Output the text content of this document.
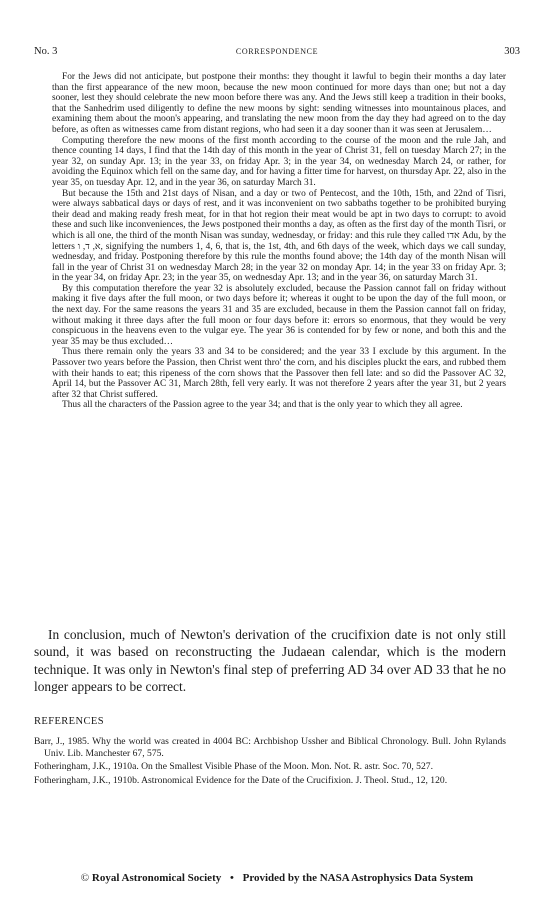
No. 3	CORRESPONDENCE	303

For the Jews did not anticipate, but postpone their months: they thought it lawful to begin their months a day later than the first appearance of the new moon, because the new moon continued for more days than one; but not a day sooner, lest they should celebrate the new moon before there was any. And the Jews still keep a tradition in their books, that the Sanhedrim used diligently to define the new moons by sight: sending witnesses into mountainous places, and examining them about the moon's appearing, and translating the new moon from the day they had agreed on to the day before, as often as witnesses came from distant regions, who had seen it a day sooner than it was seen at Jerusalem…

Computing therefore the new moons of the first month according to the course of the moon and the rule Jah, and thence counting 14 days, I find that the 14th day of this month in the year of Christ 31, fell on tuesday March 27; in the year 32, on sunday Apr. 13; in the year 33, on friday Apr. 3; in the year 34, on wednesday March 24, or rather, for avoiding the Equinox which fell on the same day, and for having a fitter time for harvest, on thursday Apr. 22, also in the year 35, on tuesday Apr. 12, and in the year 36, on saturday March 31.

But because the 15th and 21st days of Nisan, and a day or two of Pentecost, and the 10th, 15th, and 22nd of Tisri, were always sabbatical days or days of rest, and it was inconvenient on two sabbaths together to be prohibited burying their dead and making ready fresh meat, for in that hot region their meat would be apt in two days to corrupt: to avoid these and such like inconveniences, the Jews postponed their months a day, as often as the first day of the month Tisri, or which is all one, the third of the month Nisan was sunday, wednesday, or friday: and this rule they called אדו Adu, by the letters א, ד, ו, signifying the numbers 1, 4, 6, that is, the 1st, 4th, and 6th days of the week, which days we call sunday, wednesday, and friday. Postponing therefore by this rule the months found above; the 14th day of the month Nisan will fall in the year of Christ 31 on wednesday March 28; in the year 32 on monday Apr. 14; in the year 33 on friday Apr. 3; in the year 34, on friday Apr. 23; in the year 35, on wednesday Apr. 13; and in the year 36, on saturday March 31.

By this computation therefore the year 32 is absolutely excluded, because the Passion cannot fall on friday without making it five days after the full moon, or two days before it; whereas it ought to be upon the day of the full moon, or the next day. For the same reasons the years 31 and 35 are excluded, because in them the Passion cannot fall on friday, without making it three days after the full moon or four days before it: errors so enormous, that they would be very conspicuous in the heavens even to the vulgar eye. The year 36 is contended for by few or none, and both this and the year 35 may be thus excluded…

Thus there remain only the years 33 and 34 to be considered; and the year 33 I exclude by this argument. In the Passover two years before the Passion, then Christ went thro' the corn, and his disciples pluckt the ears, and rubbed them with their hands to eat; this ripeness of the corn shows that the Passover then fell late: and so did the Passover AC 32, April 14, but the Passover AC 31, March 28th, fell very early. It was not therefore 2 years after the year 31, but 2 years after 32 that Christ suffered.

Thus all the characters of the Passion agree to the year 34; and that is the only year to which they all agree.

In conclusion, much of Newton's derivation of the crucifixion date is not only still sound, it was based on reconstructing the Judaean calendar, which is the modern technique. It was only in Newton's final step of preferring AD 34 over AD 33 that he no longer appears to be correct.

REFERENCES

Barr, J., 1985. Why the world was created in 4004 BC: Archbishop Ussher and Biblical Chronology. Bull. John Rylands Univ. Lib. Manchester 67, 575.

Fotheringham, J.K., 1910a. On the Smallest Visible Phase of the Moon. Mon. Not. R. astr. Soc. 70, 527.

Fotheringham, J.K., 1910b. Astronomical Evidence for the Date of the Crucifixion. J. Theol. Stud., 12, 120.

© Royal Astronomical Society • Provided by the NASA Astrophysics Data System
